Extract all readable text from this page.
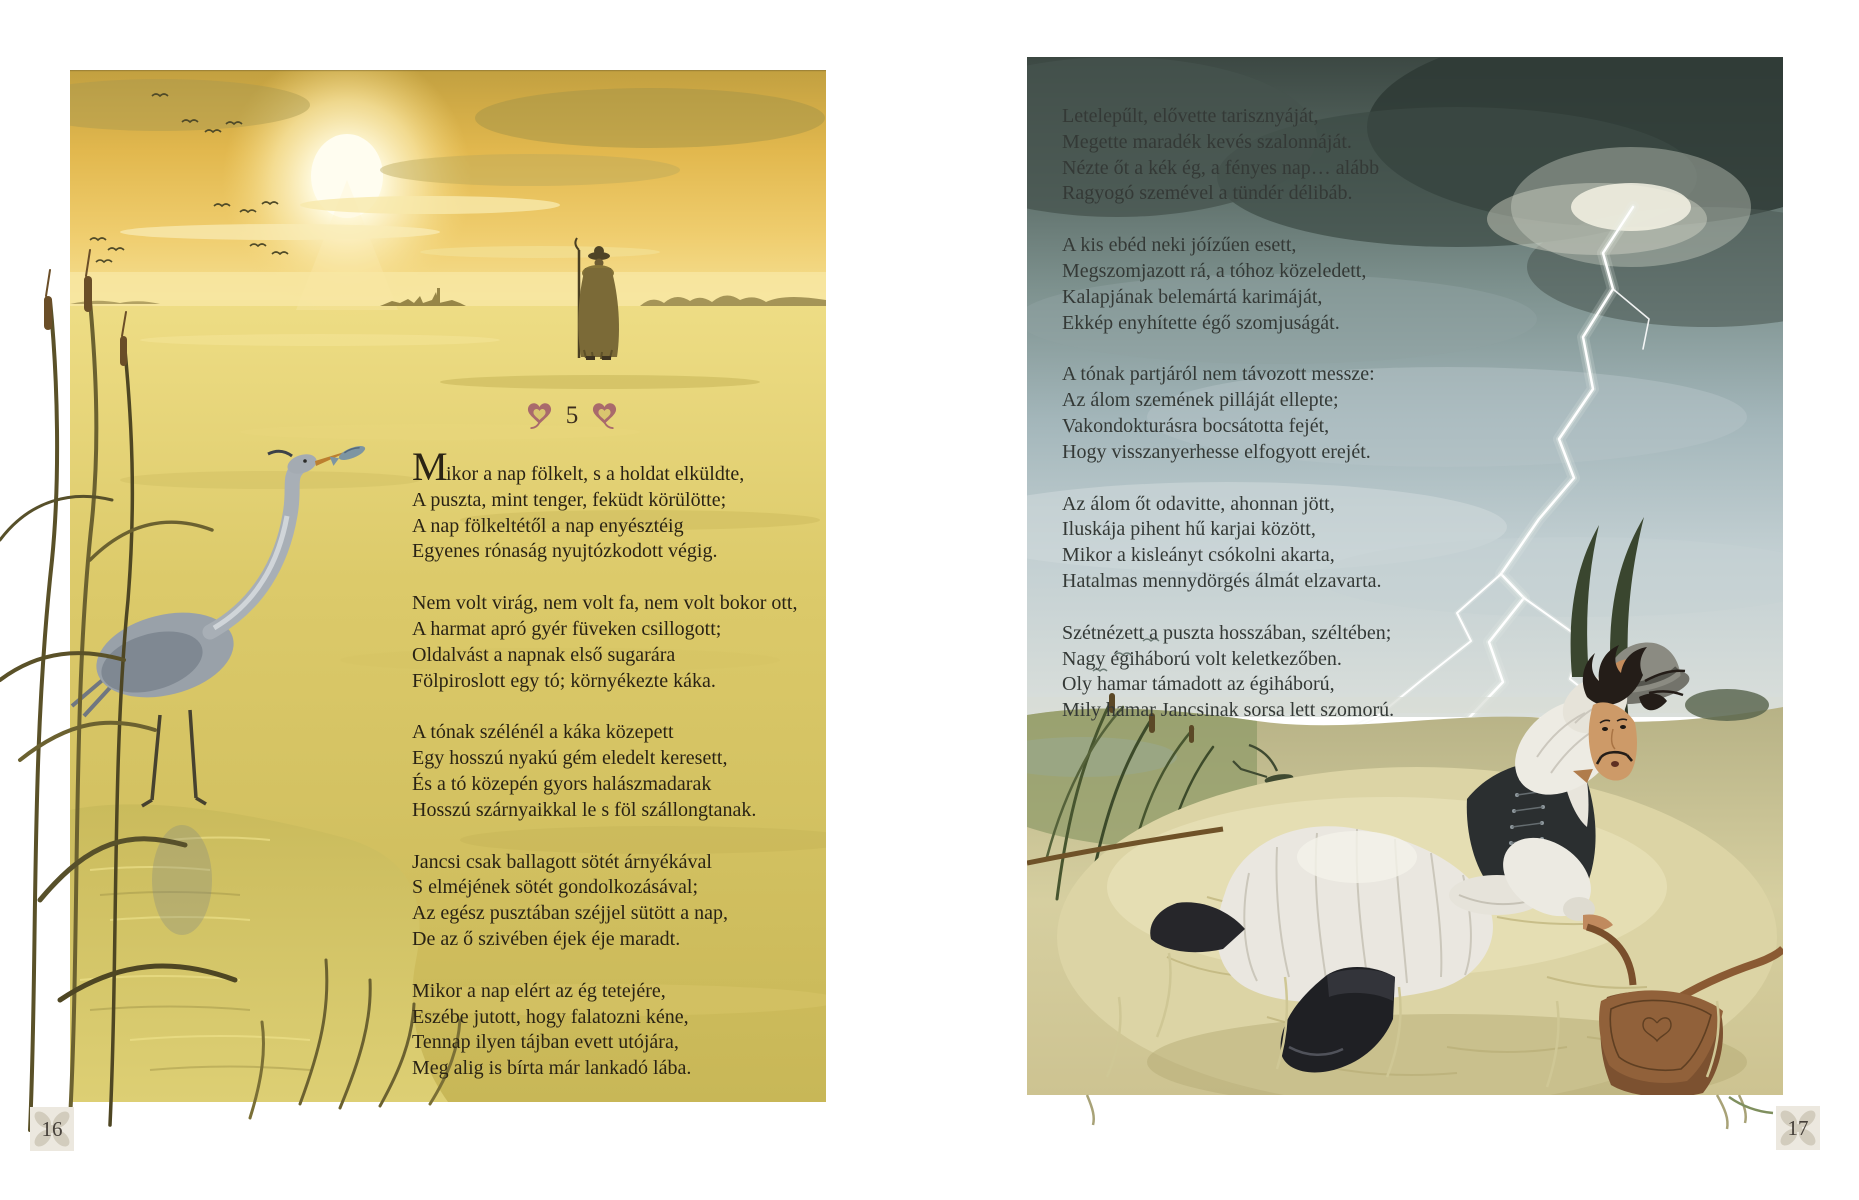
5
M
ikor a nap fölkelt, s a holdat elküldte,
A puszta, mint tenger, feküdt körülötte;
A nap fölkeltétől a nap enyésztéig
Egyenes rónaság nyujtózkodott végig.
Nem volt virág, nem volt fa, nem volt bokor ott,
A harmat apró gyér füveken csillogott;
Oldalvást a napnak első sugarára
Fölpiroslott egy tó; környékezte káka.
A tónak szélénél a káka közepett
Egy hosszú nyakú gém eledelt keresett,
És a tó közepén gyors halászmadarak
Hosszú szárnyaikkal le s föl szállongtanak.
Jancsi csak ballagott sötét árnyékával
S elméjének sötét gondolkozásával;
Az egész pusztában széjjel sütött a nap,
De az ő szivében éjek éje maradt.
Mikor a nap elért az ég tetejére,
Eszébe jutott, hogy falatozni kéne,
Tennap ilyen tájban evett utójára,
Meg alig is bírta már lankadó lába.
Letelepűlt, elővette tarisznyáját,
Megette maradék kevés szalonnáját.
Nézte őt a kék ég, a fényes nap… alább
Ragyogó szemével a tündér délibáb.
A kis ebéd neki jóízűen esett,
Megszomjazott rá, a tóhoz közeledett,
Kalapjának belemártá karimáját,
Ekkép enyhítette égő szomjuságát.
A tónak partjáról nem távozott messze:
Az álom szemének pilláját ellepte;
Vakondokturásra bocsátotta fejét,
Hogy visszanyerhesse elfogyott erejét.
Az álom őt odavitte, ahonnan jött,
Iluskája pihent hű karjai között,
Mikor a kisleányt csókolni akarta,
Hatalmas mennydörgés álmát elzavarta.
Szétnézett a puszta hosszában, széltében;
Nagy égiháború volt keletkezőben.
Oly hamar támadott az égiháború,
Mily hamar Jancsinak sorsa lett szomorú.
16	17
